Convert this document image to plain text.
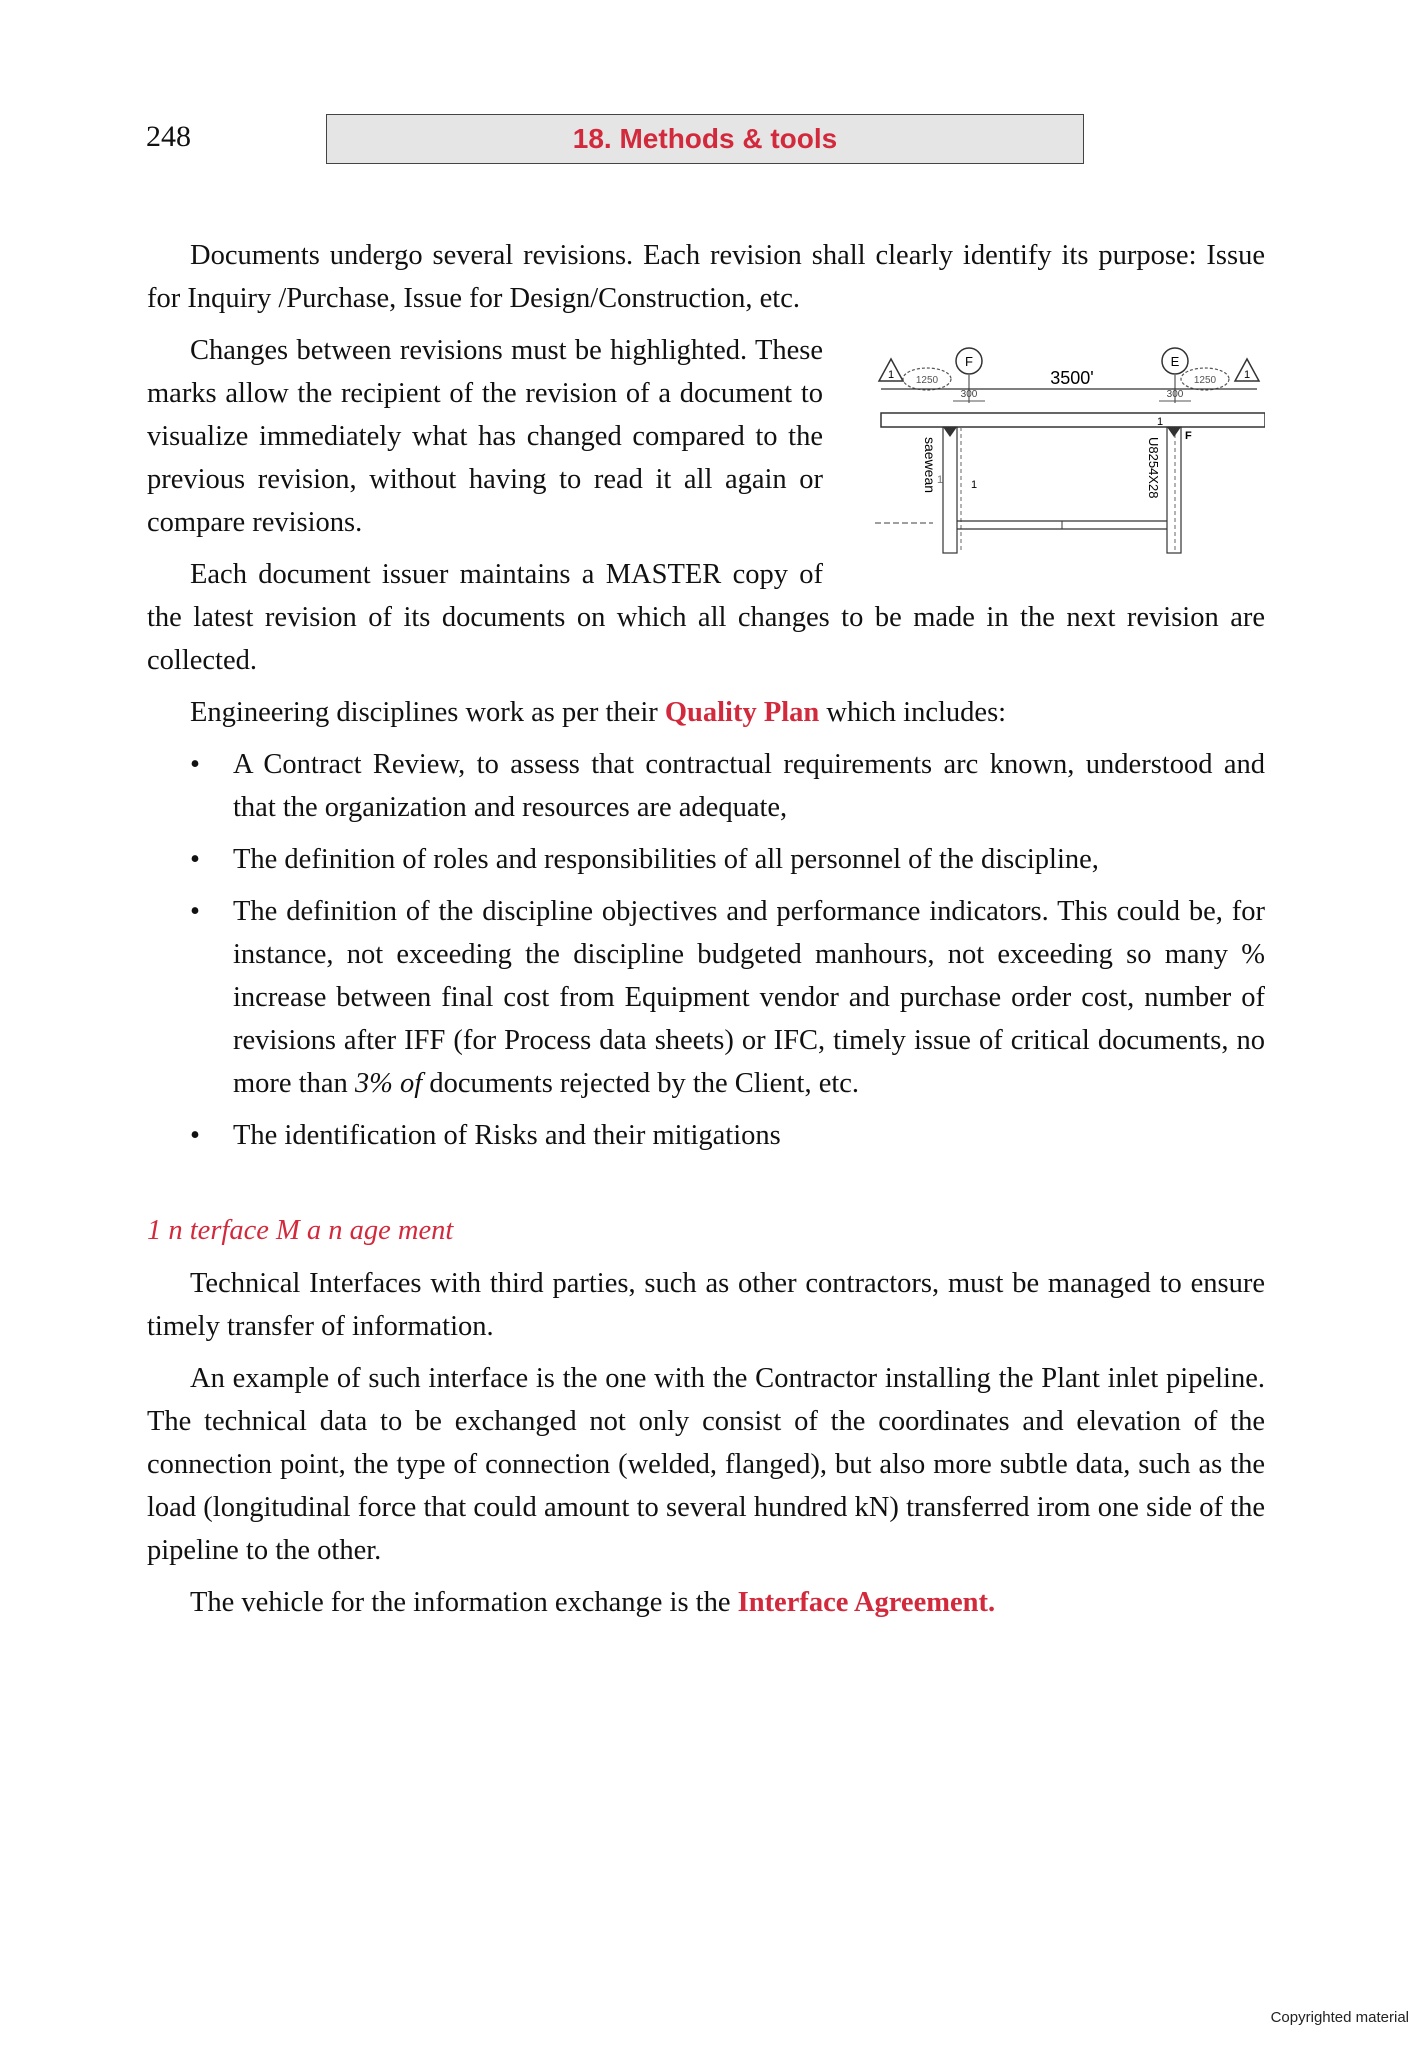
248	18. Methods & tools

Documents undergo several revisions. Each revision shall clearly identify its purpose: Issue for Inquiry /Purchase, Issue for Design/Construction, etc.

1 1250
F	E
1250	1
3500'
300	300
saewean	1	U8254X28
1
F
1

Changes between revisions must be highlighted. These marks allow the recipient of the revision of a document to visualize immediately what has changed compared to the previous revision, without having to read it all again or compare revisions.

Each document issuer maintains a MASTER copy of the latest revision of its documents on which all changes to be made in the next revision are collected.

Engineering disciplines work as per their Quality Plan which includes:

• A Contract Review, to assess that contractual requirements arc known, understood and that the organization and resources are adequate,
• The definition of roles and responsibilities of all personnel of the discipline,
• The definition of the discipline objectives and performance indicators. This could be, for instance, not exceeding the discipline budgeted manhours, not exceeding so many % increase between final cost from Equipment vendor and purchase order cost, number of revisions after IFF (for Process data sheets) or IFC, timely issue of critical documents, no more than 3% of documents rejected by the Client, etc.
• The identification of Risks and their mitigations

1 n terface M a n age ment

Technical Interfaces with third parties, such as other contractors, must be managed to ensure timely transfer of information.

An example of such interface is the one with the Contractor installing the Plant inlet pipeline. The technical data to be exchanged not only consist of the coordinates and elevation of the connection point, the type of connection (welded, flanged), but also more subtle data, such as the load (longitudinal force that could amount to several hundred kN) transferred irom one side of the pipeline to the other.

The vehicle for the information exchange is the Interface Agreement.

Copyrighted material
